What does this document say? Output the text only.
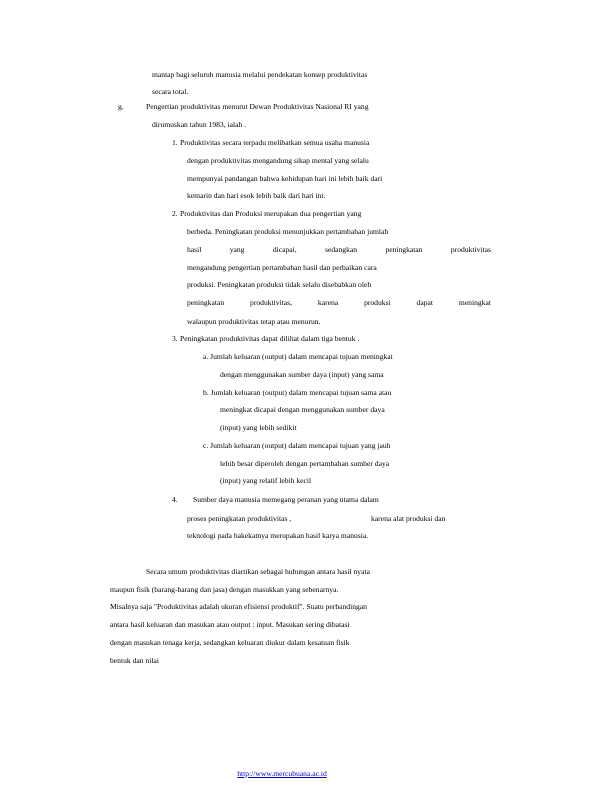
mantap bagi seluruh manusia melalui pendekatan konsep produktivitas
secara total.
g.	Pengertian produktivitas menurut Dewan Produktivitas Nasional RI yang
dirumuskan tahun 1983, ialah .
1. Produktivitas secara terpadu melibatkan semua usaha manusia
dengan produktivitas mengandung sikap mental yang selalu
mempunyai pandangan bahwa kehidupan hari ini lebih baik dari
kemarin dan hari esok lebih baik dari hari ini.
2. Produktivitas dan Produksi merupakan dua pengertian yang
berbeda. Peningkatan produksi menunjukkan pertambahan jumlah
hasil	yang	dicapai,	sedangkan	peningkatan	produktivitas
mengandung pengertian pertambahan hasil dan perbaikan cara
produksi. Peningkatan produksi tidak selalu disebabkan oleh
peningkatan	produktivitas,	karena	produksi	dapat	meningkat
walaupun produktivitas tetap atau menurun.
3. Peningkatan produktivitas dapat dilihat dalam tiga bentuk .
a. Jumlah keluaran (output) dalam mencapai tujuan meningkat
dengan menggunakan sumber daya (input) yang sama
b. Jumlah keluaran (output) dalam mencapai tujuan sama atau
meningkat dicapai dengan menggunakan sumber daya
(input) yang lebih sedikit
c. Jumlah keluaran (output) dalam mencapai tujuan yang jauh
lebih besar diperoleh dengan pertambahan sumber daya
(input) yang relatif lebih kecil
4. Sumber daya manusia memegang peranan yang utama dalam
proses peningkatan produktivitas ,	karena alat produksi dan
teknologi pada hakekatnya merupakan hasil karya manusia.
Secara umum produktivitas diartikan sebagai hubungan antara hasil nyata
maupun fisik (barang-barang dan jasa) dengan masukkan yang sebenarnya.
Misalnya saja "Produktivitas adalah ukuran efisiensi produktif". Suatu perbandingan
antara hasil keluaran dan masukan atau output : input. Masukan sering dibatasi
dengan masukan tenaga kerja, sedangkan keluaran diukur dalam kesatuan fisik
bentuk dan nilai
http://www.mercubuana.ac.id
